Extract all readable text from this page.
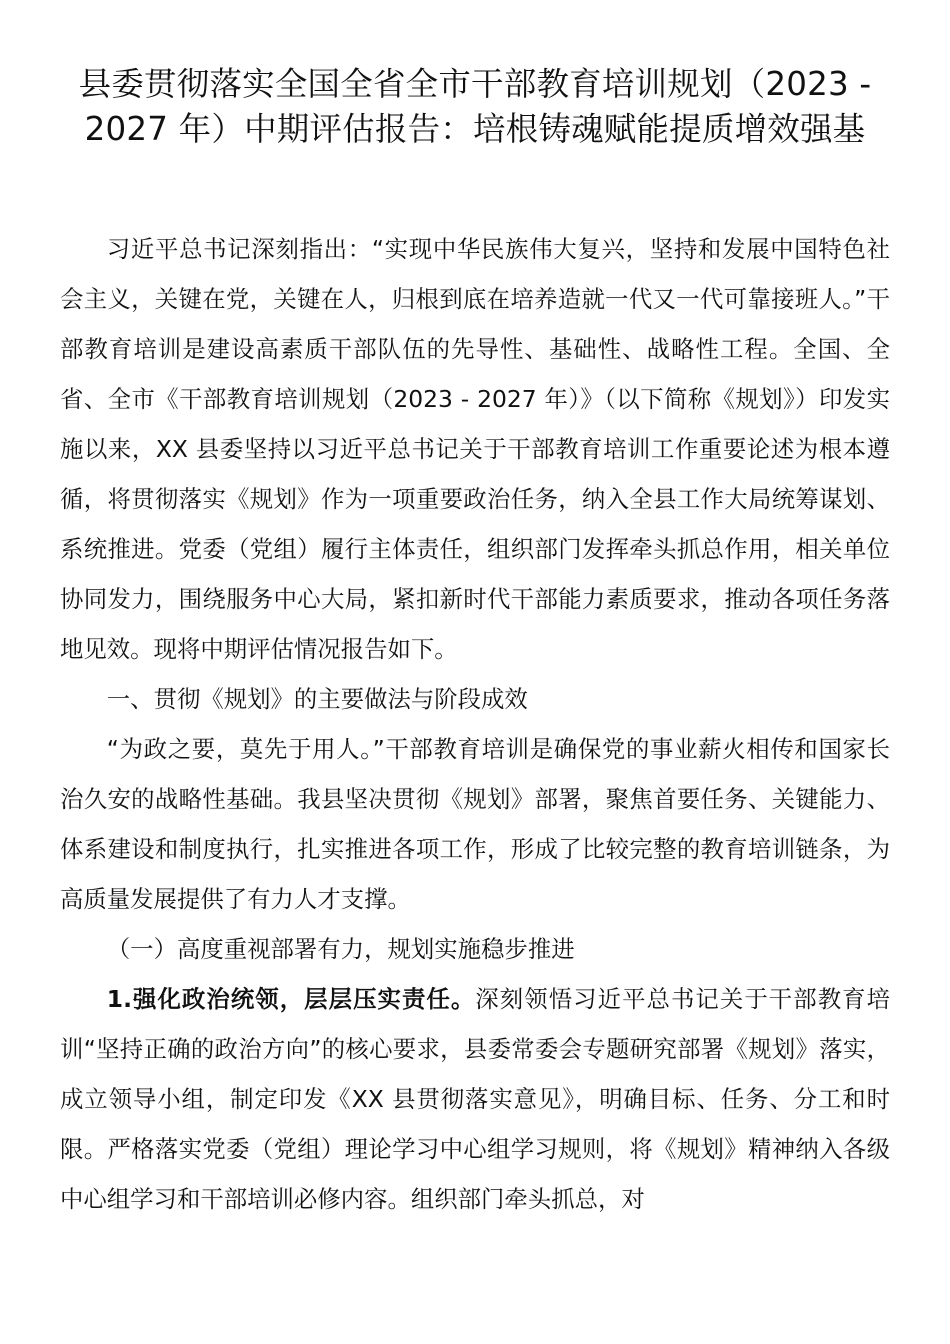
县委贯彻落实全国全省全市干部教育培训规划（2023 - 2027 年）中期评估报告：培根铸魂赋能提质增效强基

习近平总书记深刻指出：“实现中华民族伟大复兴，坚持和发展中国特色社会主义，关键在党，关键在人，归根到底在培养造就一代又一代可靠接班人。”干部教育培训是建设高素质干部队伍的先导性、基础性、战略性工程。全国、全省、全市《干部教育培训规划（2023 - 2027 年）》（以下简称《规划》）印发实施以来，XX 县委坚持以习近平总书记关于干部教育培训工作重要论述为根本遵循，将贯彻落实《规划》作为一项重要政治任务，纳入全县工作大局统筹谋划、系统推进。党委（党组）履行主体责任，组织部门发挥牵头抓总作用，相关单位协同发力，围绕服务中心大局，紧扣新时代干部能力素质要求，推动各项任务落地见效。现将中期评估情况报告如下。

一、贯彻《规划》的主要做法与阶段成效

“为政之要，莫先于用人。”干部教育培训是确保党的事业薪火相传和国家长治久安的战略性基础。我县坚决贯彻《规划》部署，聚焦首要任务、关键能力、体系建设和制度执行，扎实推进各项工作，形成了比较完整的教育培训链条，为高质量发展提供了有力人才支撑。

（一）高度重视部署有力，规划实施稳步推进

1.强化政治统领，层层压实责任。深刻领悟习近平总书记关于干部教育培训“坚持正确的政治方向”的核心要求，县委常委会专题研究部署《规划》落实，成立领导小组，制定印发《XX 县贯彻落实意见》，明确目标、任务、分工和时限。严格落实党委（党组）理论学习中心组学习规则，将《规划》精神纳入各级中心组学习和干部培训必修内容。组织部门牵头抓总，对
